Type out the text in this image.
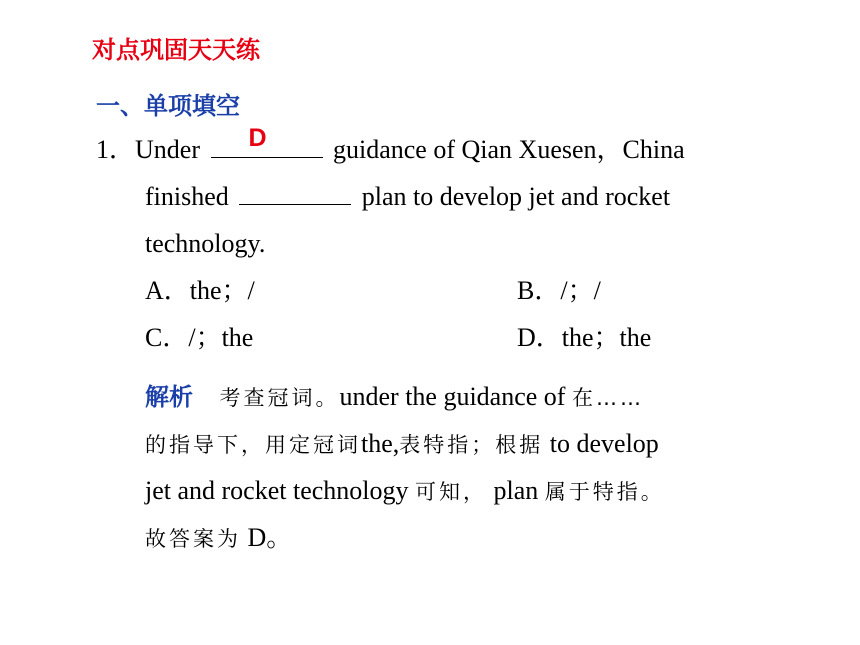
对点巩固天天练
一、单项填空
1．Under D	guidance of Qian Xuesen，China
finished	plan to develop jet and rocket
technology.
A．the；/	B．/；/
C．/；the	D．the；the
解析 考查冠词。under the guidance of 在……
的指导下，用定冠词the,表特指；根据 to develop
jet and rocket technology 可知， plan 属于特指。
故答案为 D。
